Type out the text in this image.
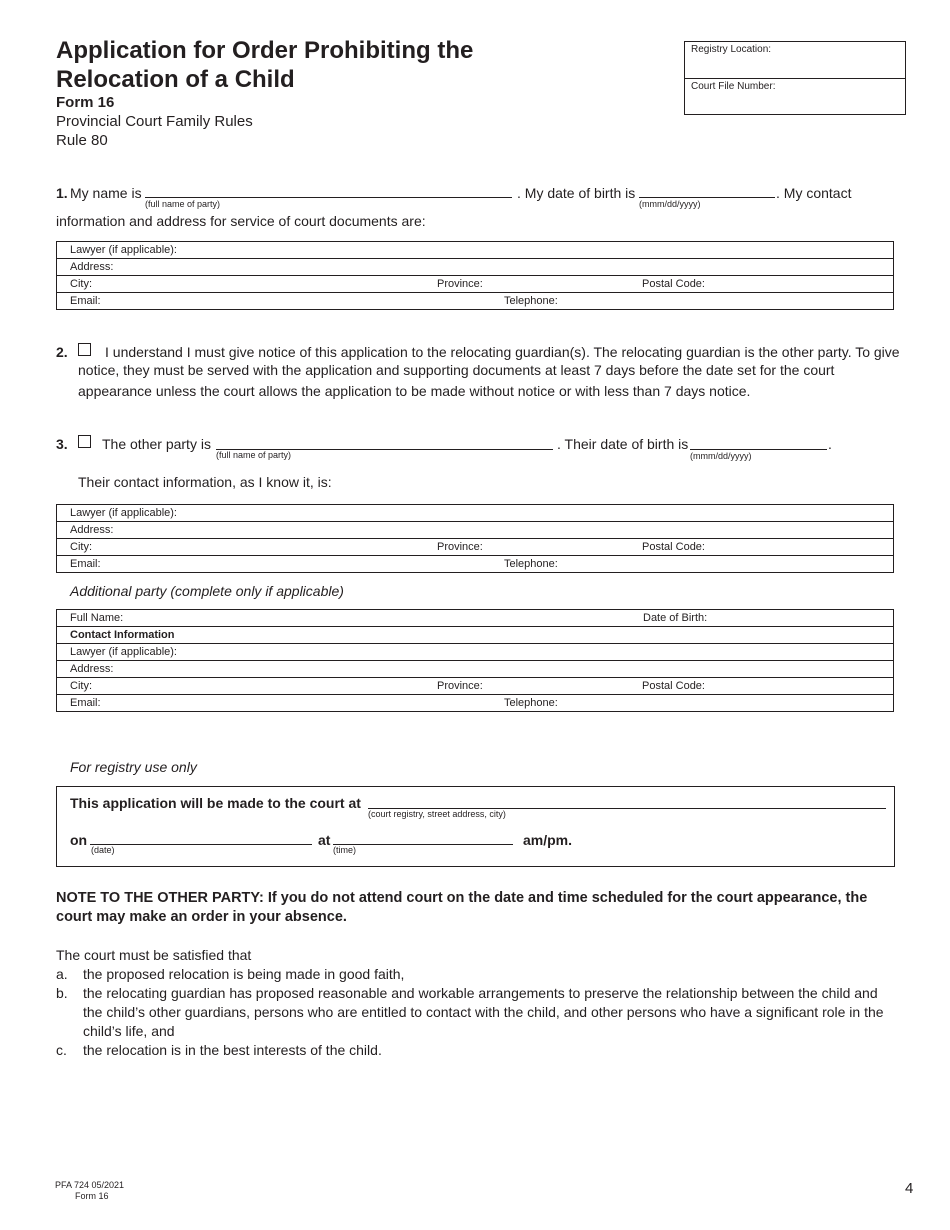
Application for Order Prohibiting the Relocation of a Child
Form 16
Provincial Court Family Rules
Rule 80
Registry Location:
Court File Number:
1. My name is
(full name of party)
. My date of birth is
(mmm/dd/yyyy)
. My contact
information and address for service of court documents are:
Lawyer (if applicable):
Address:
City:	Province:	Postal Code:

Email:	Telephone:
2.	I understand I must give notice of this application to the relocating guardian(s). The relocating guardian is the other party. To give
notice, they must be served with the application and supporting documents at least 7 days before the date set for the court
appearance unless the court allows the application to be made without notice or with less than 7 days notice.
3. The other party is
(full name of party)
. Their date of birth is
(mmm/dd/yyyy)
.
Their contact information, as I know it, is:
Lawyer (if applicable):
Address:
City:	Province:	Postal Code:

Email:	Telephone:
Additional party (complete only if applicable)
Full Name:	Date of Birth:

Contact Information
Lawyer (if applicable):
Address:
City:	Province:	Postal Code:

Email:	Telephone:
For registry use only
This application will be made to the court at
(court registry, street address, city)
on
(date)
at
(time)
am/pm.
NOTE TO THE OTHER PARTY: If you do not attend court on the date and time scheduled for the court appearance, the court may make an order in your absence.
The court must be satisfied that
a. the proposed relocation is being made in good faith,
b. the relocating guardian has proposed reasonable and workable arrangements to preserve the relationship between the child and the child’s other guardians, persons who are entitled to contact with the child, and other persons who have a significant role in the child’s life, and
c. the relocation is in the best interests of the child.
PFA 724 05/2021
Form 16	4
